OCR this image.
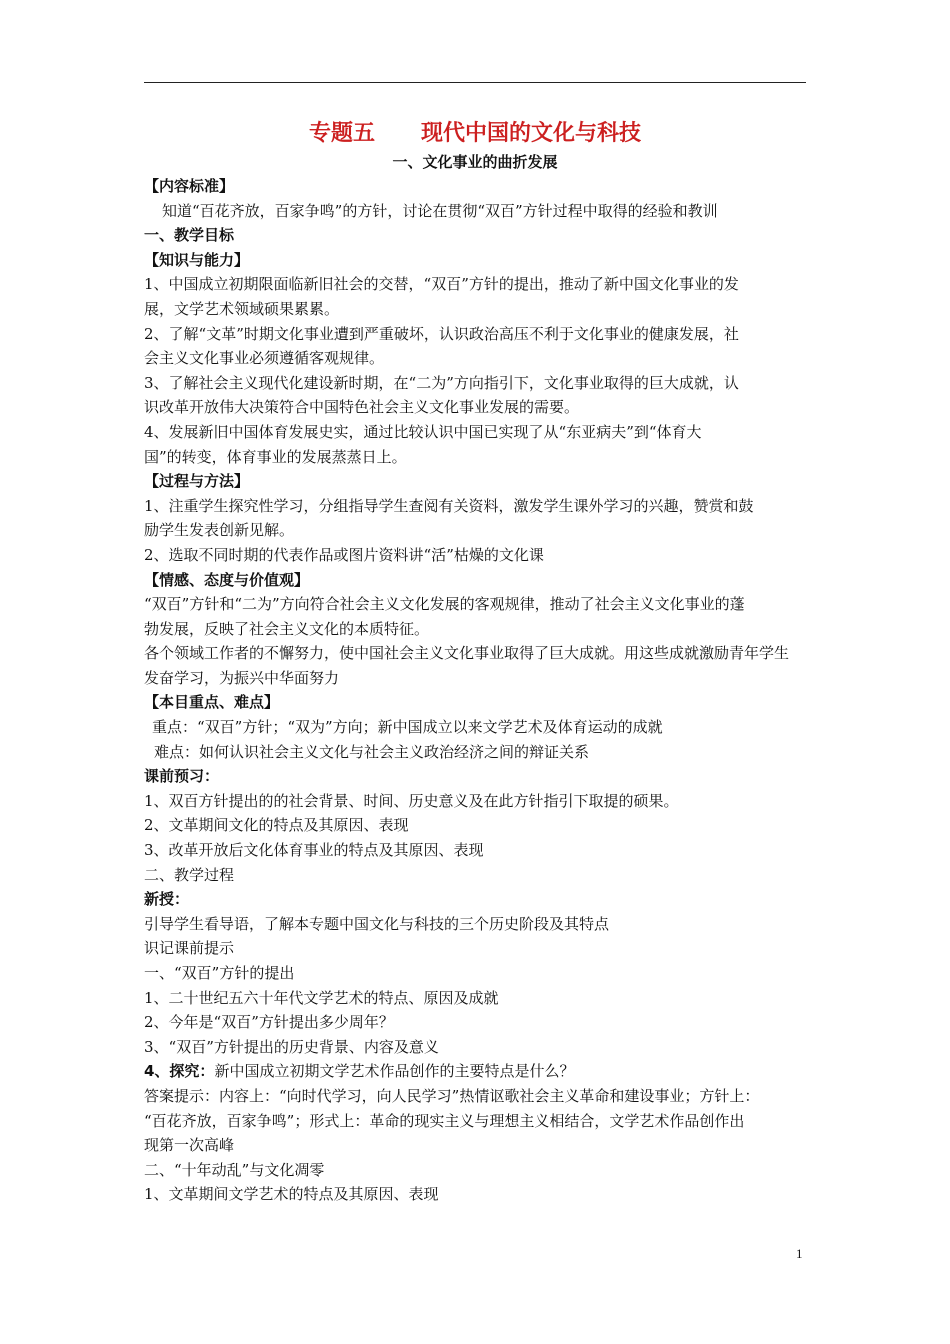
专题五      现代中国的文化与科技
一、文化事业的曲折发展
【内容标准】
知道“百花齐放，百家争鸣”的方针，讨论在贯彻“双百”方针过程中取得的经验和教训
一、教学目标
【知识与能力】
1、中国成立初期限面临新旧社会的交替，“双百”方针的提出，推动了新中国文化事业的发
展，文学艺术领域硕果累累。
2、了解“文革”时期文化事业遭到严重破坏，认识政治高压不利于文化事业的健康发展，社
会主义文化事业必须遵循客观规律。
3、了解社会主义现代化建设新时期，在“二为”方向指引下，文化事业取得的巨大成就，认
识改革开放伟大决策符合中国特色社会主义文化事业发展的需要。
4、发展新旧中国体育发展史实，通过比较认识中国已实现了从“东亚病夫”到“体育大
国”的转变，体育事业的发展蒸蒸日上。
【过程与方法】
1、注重学生探究性学习，分组指导学生查阅有关资料，激发学生课外学习的兴趣，赞赏和鼓
励学生发表创新见解。
2、选取不同时期的代表作品或图片资料讲“活”枯燥的文化课
【情感、态度与价值观】
“双百”方针和“二为”方向符合社会主义文化发展的客观规律，推动了社会主义文化事业的蓬
勃发展，反映了社会主义文化的本质特征。
各个领域工作者的不懈努力，使中国社会主义文化事业取得了巨大成就。用这些成就激励青年学生
发奋学习，为振兴中华面努力
【本目重点、难点】
重点：“双百”方针；“双为”方向；新中国成立以来文学艺术及体育运动的成就
难点：如何认识社会主义文化与社会主义政治经济之间的辩证关系
课前预习：
1、双百方针提出的的社会背景、时间、历史意义及在此方针指引下取提的硕果。
2、文革期间文化的特点及其原因、表现
3、改革开放后文化体育事业的特点及其原因、表现
二、教学过程
新授：
引导学生看导语，了解本专题中国文化与科技的三个历史阶段及其特点
识记课前提示
一、“双百”方针的提出
1、二十世纪五六十年代文学艺术的特点、原因及成就
2、今年是“双百”方针提出多少周年？
3、“双百”方针提出的历史背景、内容及意义
4、探究：新中国成立初期文学艺术作品创作的主要特点是什么？
答案提示：内容上：“向时代学习，向人民学习”热情讴歌社会主义革命和建设事业；方针上：
“百花齐放，百家争鸣”；形式上：革命的现实主义与理想主义相结合，文学艺术作品创作出
现第一次高峰
二、“十年动乱”与文化凋零
1、文革期间文学艺术的特点及其原因、表现
1
